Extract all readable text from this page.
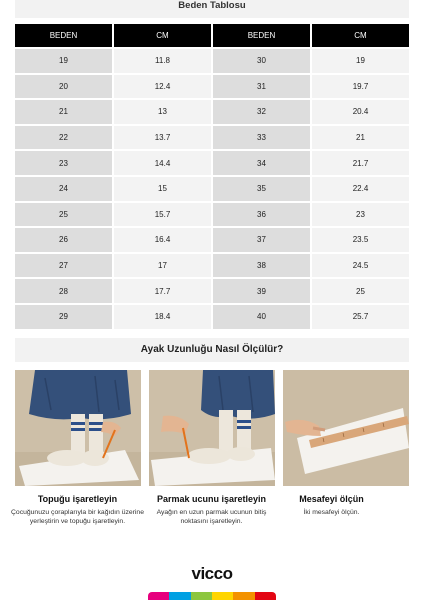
Beden Tablosu
BEDEN	CM	BEDEN	CM
19	11.8	30	19
20	12.4	31	19.7
21	13	32	20.4
22	13.7	33	21
23	14.4	34	21.7
24	15	35	22.4
25	15.7	36	23
26	16.4	37	23.5
27	17	38	24.5
28	17.7	39	25
29	18.4	40	25.7
Ayak Uzunluğu Nasıl Ölçülür?
Topuğu işaretleyin
Çocuğunuzu çoraplarıyla bir kağıdın üzerine yerleştirin ve topuğu işaretleyin.
Parmak ucunu işaretleyin
Ayağın en uzun parmak ucunun bitiş noktasını işaretleyin.
Mesafeyi ölçün
İki mesafeyi ölçün.
vicco
